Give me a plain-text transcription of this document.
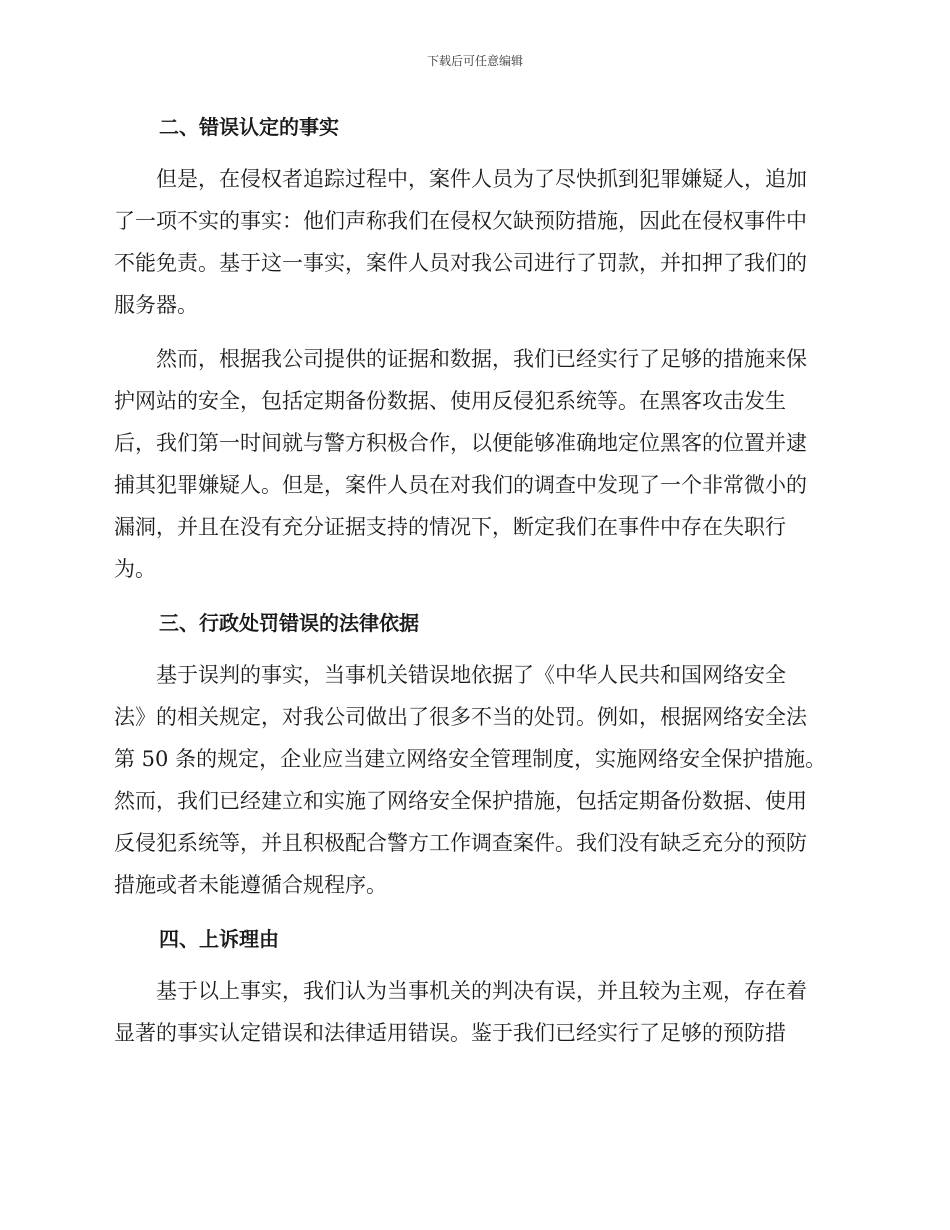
下载后可任意编辑
二、错误认定的事实
但是，在侵权者追踪过程中，案件人员为了尽快抓到犯罪嫌疑人，追加
了一项不实的事实：他们声称我们在侵权欠缺预防措施，因此在侵权事件中
不能免责。基于这一事实，案件人员对我公司进行了罚款，并扣押了我们的
服务器。
然而，根据我公司提供的证据和数据，我们已经实行了足够的措施来保
护网站的安全，包括定期备份数据、使用反侵犯系统等。在黑客攻击发生
后，我们第一时间就与警方积极合作，以便能够准确地定位黑客的位置并逮
捕其犯罪嫌疑人。但是，案件人员在对我们的调查中发现了一个非常微小的
漏洞，并且在没有充分证据支持的情况下，断定我们在事件中存在失职行
为。
三、行政处罚错误的法律依据
基于误判的事实，当事机关错误地依据了《中华人民共和国网络安全
法》的相关规定，对我公司做出了很多不当的处罚。例如，根据网络安全法
第 50 条的规定，企业应当建立网络安全管理制度，实施网络安全保护措施。
然而，我们已经建立和实施了网络安全保护措施，包括定期备份数据、使用
反侵犯系统等，并且积极配合警方工作调查案件。我们没有缺乏充分的预防
措施或者未能遵循合规程序。
四、上诉理由
基于以上事实，我们认为当事机关的判决有误，并且较为主观，存在着
显著的事实认定错误和法律适用错误。鉴于我们已经实行了足够的预防措
